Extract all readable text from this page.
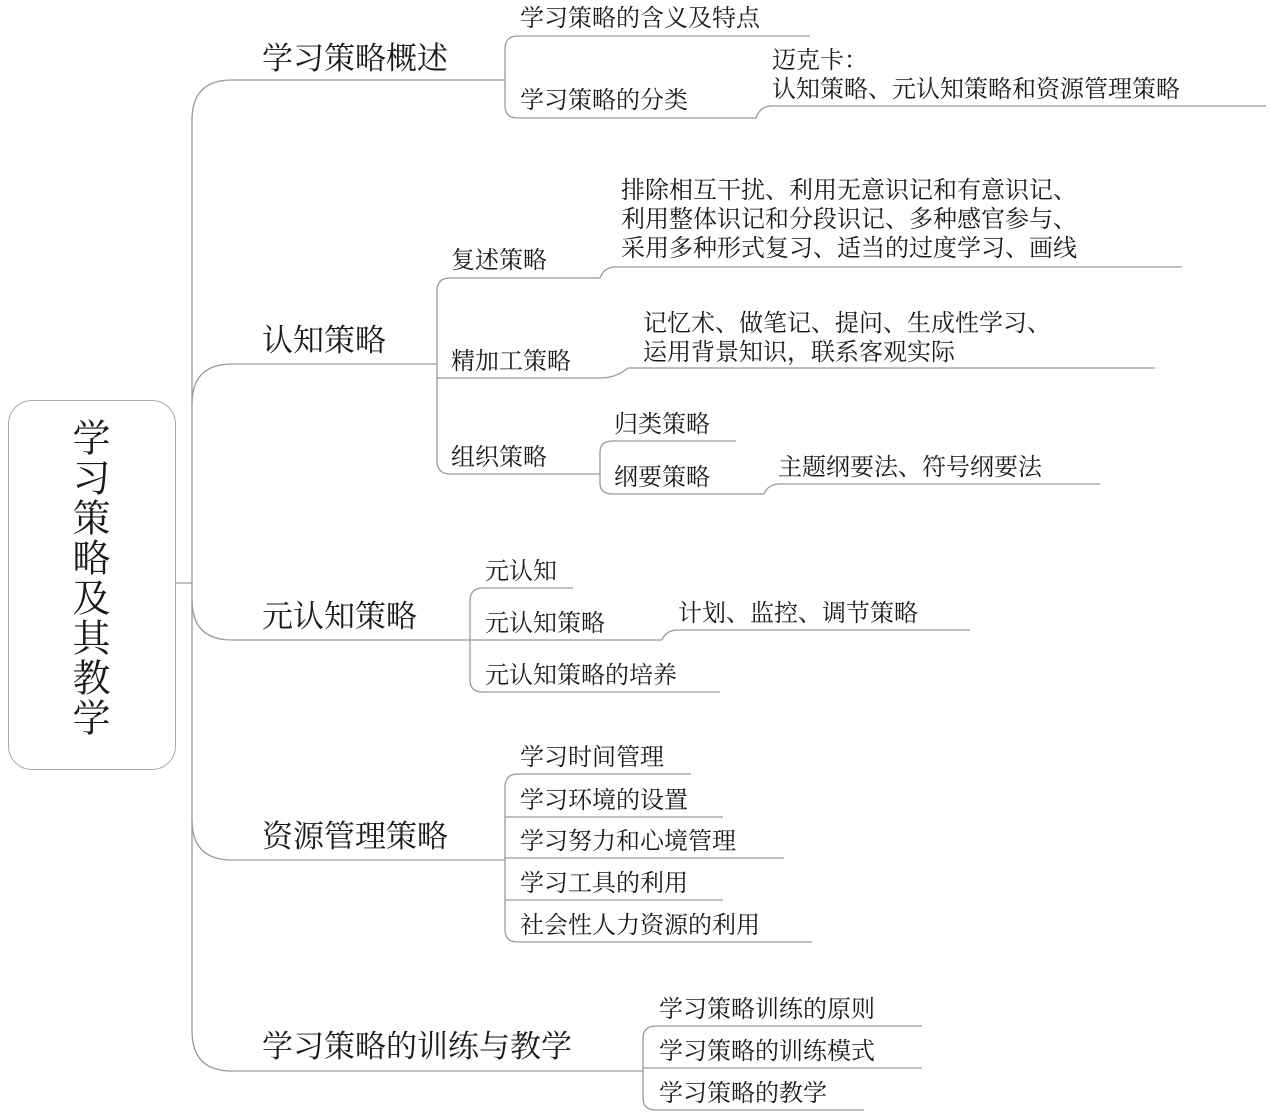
学习策略及其教学
学习策略概述
学习策略的含义及特点
学习策略的分类
迈克卡：
认知策略、元认知策略和资源管理策略
认知策略
复述策略
排除相互干扰、利用无意识记和有意识记、
利用整体识记和分段识记、多种感官参与、
采用多种形式复习、适当的过度学习、画线
精加工策略
记忆术、做笔记、提问、生成性学习、
运用背景知识，联系客观实际
组织策略
归类策略
纲要策略	主题纲要法、符号纲要法
元认知策略
元认知
元认知策略	计划、监控、调节策略
元认知策略的培养
资源管理策略
学习时间管理
学习环境的设置
学习努力和心境管理
学习工具的利用
社会性人力资源的利用
学习策略的训练与教学
学习策略训练的原则
学习策略的训练模式
学习策略的教学
